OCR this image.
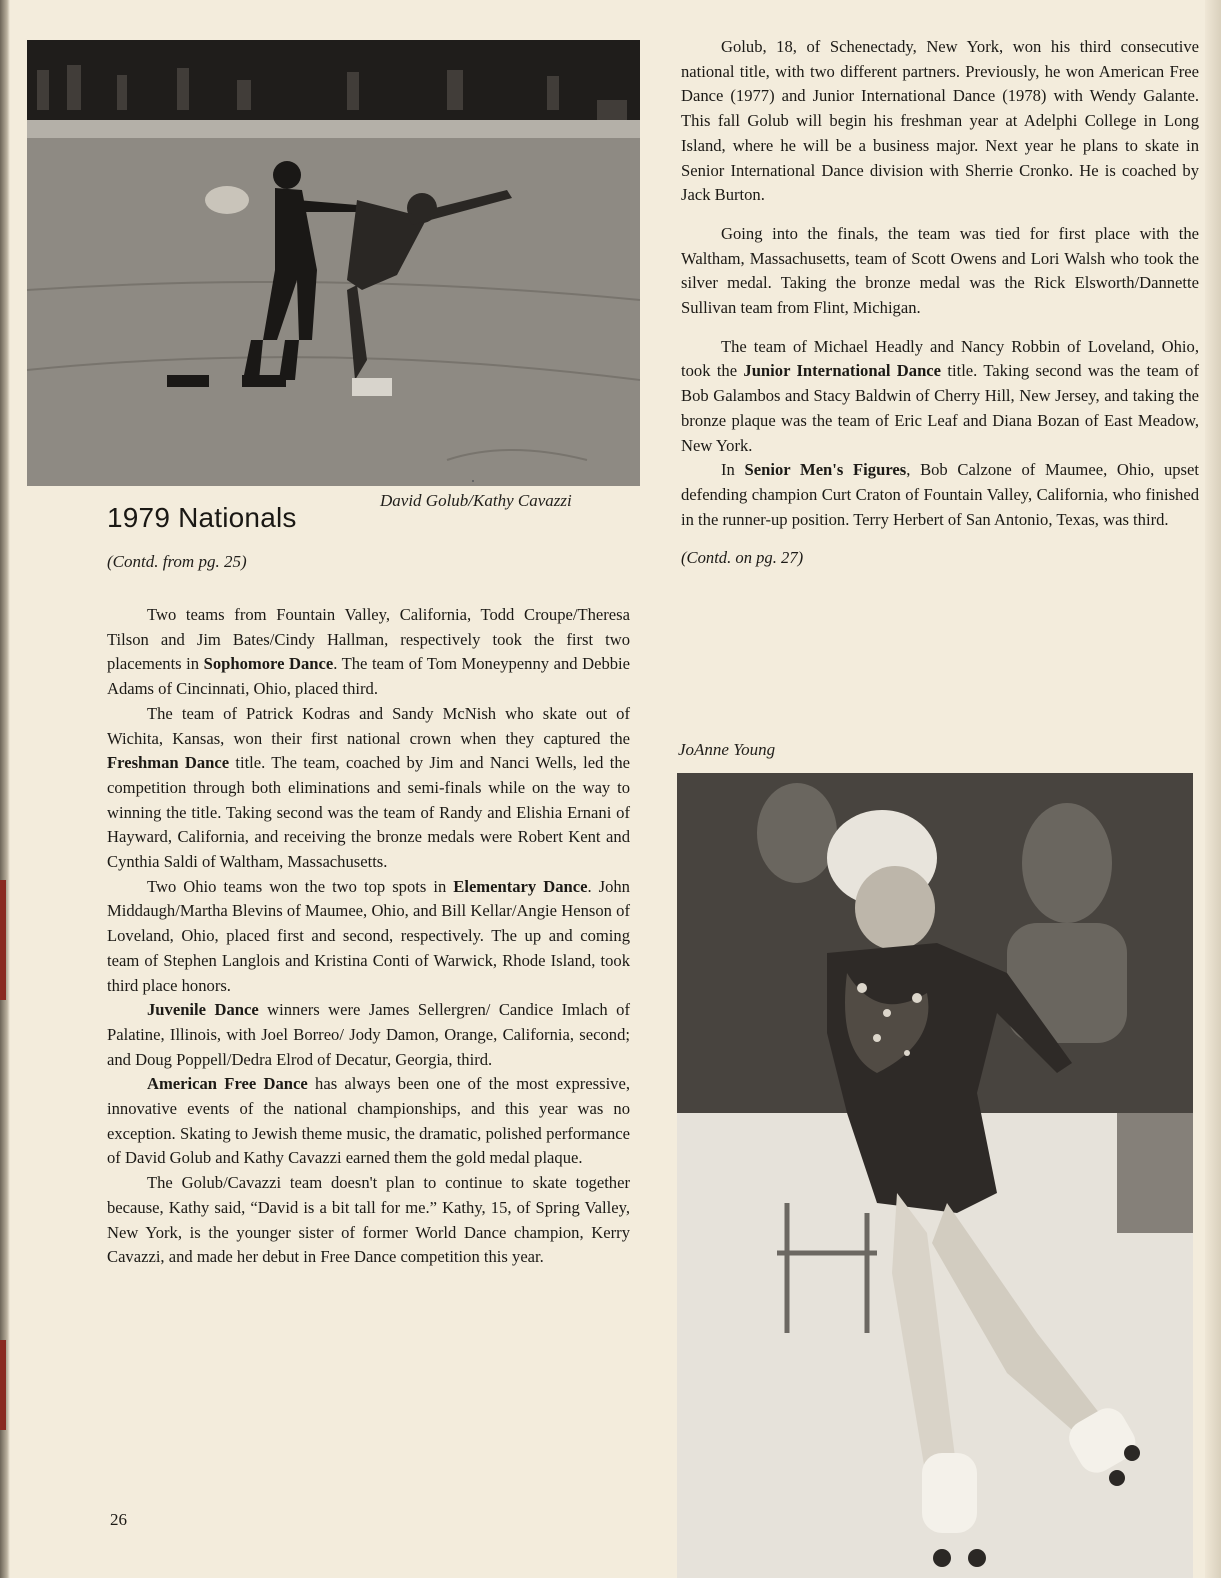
David Golub/Kathy Cavazzi
1979 Nationals
(Contd. from pg. 25)

Two teams from Fountain Valley, California, Todd Croupe/Theresa Tilson and Jim Bates/Cindy Hallman, respectively took the first two placements in Sophomore Dance. The team of Tom Moneypenny and Debbie Adams of Cincinnati, Ohio, placed third.

The team of Patrick Kodras and Sandy McNish who skate out of Wichita, Kansas, won their first national crown when they captured the Freshman Dance title. The team, coached by Jim and Nanci Wells, led the competition through both eliminations and semi-finals while on the way to winning the title. Taking second was the team of Randy and Elishia Ernani of Hayward, California, and receiving the bronze medals were Robert Kent and Cynthia Saldi of Waltham, Massachusetts.

Two Ohio teams won the two top spots in Elementary Dance. John Middaugh/Martha Blevins of Maumee, Ohio, and Bill Kellar/Angie Henson of Loveland, Ohio, placed first and second, respectively. The up and coming team of Stephen Langlois and Kristina Conti of Warwick, Rhode Island, took third place honors.

Juvenile Dance winners were James Sellergren/ Candice Imlach of Palatine, Illinois, with Joel Borreo/ Jody Damon, Orange, California, second; and Doug Poppell/Dedra Elrod of Decatur, Georgia, third.

American Free Dance has always been one of the most expressive, innovative events of the national championships, and this year was no exception. Skating to Jewish theme music, the dramatic, polished performance of David Golub and Kathy Cavazzi earned them the gold medal plaque.

The Golub/Cavazzi team doesn't plan to continue to skate together because, Kathy said, “David is a bit tall for me.” Kathy, 15, of Spring Valley, New York, is the younger sister of former World Dance champion, Kerry Cavazzi, and made her debut in Free Dance competition this year.

26

Golub, 18, of Schenectady, New York, won his third consecutive national title, with two different partners. Previously, he won American Free Dance (1977) and Junior International Dance (1978) with Wendy Galante. This fall Golub will begin his freshman year at Adelphi College in Long Island, where he will be a business major. Next year he plans to skate in Senior International Dance division with Sherrie Cronko. He is coached by Jack Burton.

Going into the finals, the team was tied for first place with the Waltham, Massachusetts, team of Scott Owens and Lori Walsh who took the silver medal. Taking the bronze medal was the Rick Elsworth/Dannette Sullivan team from Flint, Michigan.

The team of Michael Headly and Nancy Robbin of Loveland, Ohio, took the Junior International Dance title. Taking second was the team of Bob Galambos and Stacy Baldwin of Cherry Hill, New Jersey, and taking the bronze plaque was the team of Eric Leaf and Diana Bozan of East Meadow, New York.

In Senior Men's Figures, Bob Calzone of Maumee, Ohio, upset defending champion Curt Craton of Fountain Valley, California, who finished in the runner-up position. Terry Herbert of San Antonio, Texas, was third.

(Contd. on pg. 27)

JoAnne Young
